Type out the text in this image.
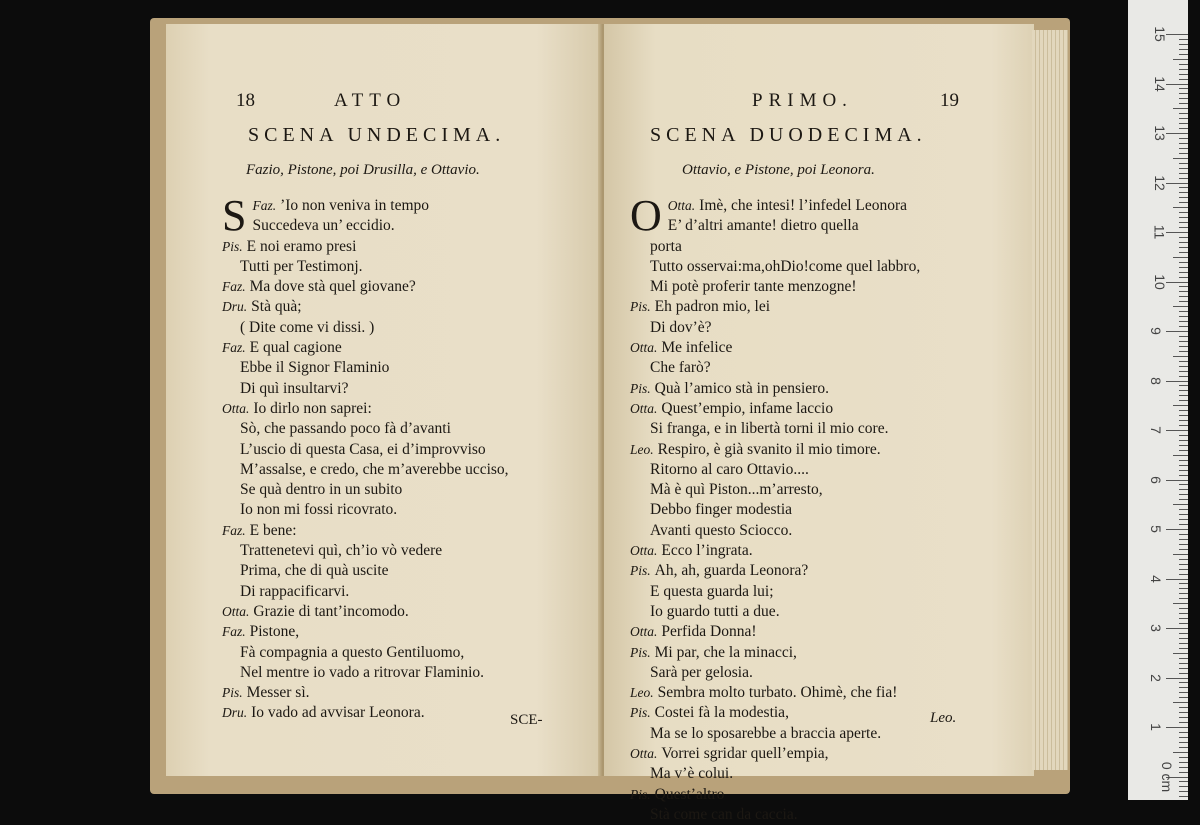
18	ATTO
SCENA UNDECIMA.
Fazio, Pistone, poi Drusilla, e Ottavio.
Faz.
S ’Io non veniva in tempo
Succedeva un’ eccidio.
Pis. E noi eramo presi
Tutti per Testimonj.
Faz. Ma dove stà quel giovane?
Dru. Stà quà;
( Dite come vi dissi. )
Faz. E qual cagione
Ebbe il Signor Flaminio
Di quì insultarvi?
Otta. Io dirlo non saprei:
Sò, che passando poco fà d’avanti
L’uscio di questa Casa, ei d’improvviso
M’assalse, e credo, che m’averebbe ucciso,
Se quà dentro in un subito
Io non mi fossi ricovrato.
Faz. E bene:
Trattenetevi quì, ch’io vò vedere
Prima, che di quà uscite
Di rappacificarvi.
Otta. Grazie di tant’incomodo.
Faz. Pistone,
Fà compagnia a questo Gentiluomo,
Nel mentre io vado a ritrovar Flaminio.
Pis. Messer sì.
Dru. Io vado ad avvisar Leonora.	SCE-
PRIMO.	19
SCENA DUODECIMA.
Ottavio, e Pistone, poi Leonora.
Otta.
O Imè, che intesi! l’infedel Leonora
E’ d’altri amante! dietro quella
porta
Tutto osservai:ma,ohDio!come quel labbro,
Mi potè proferir tante menzogne!
Pis. Eh padron mio, lei
Di dov’è?
Otta. Me infelice
Che farò?
Pis. Quà l’amico stà in pensiero.
Otta. Quest’empio, infame laccio
Si franga, e in libertà torni il mio core.
Leo. Respiro, è già svanito il mio timore.
Ritorno al caro Ottavio....
Mà è quì Piston...m’arresto,
Debbo finger modestia
Avanti questo Sciocco.
Otta. Ecco l’ingrata.
Pis. Ah, ah, guarda Leonora?
E questa guarda lui;
Io guardo tutti a due.
Otta. Perfida Donna!
Pis. Mi par, che la minacci,
Sarà per gelosia.
Leo. Sembra molto turbato. Ohimè, che fia!
Pis. Costei fà la modestia,
Ma se lo sposarebbe a braccia aperte.
Otta. Vorrei sgridar quell’empia,
Ma v’è colui.
Pis. Quest’altro
Stà come can da caccia.
Leo.
15
14
13
12
11
10
9
8
7
6
5
4
3
2
1
0 cm
